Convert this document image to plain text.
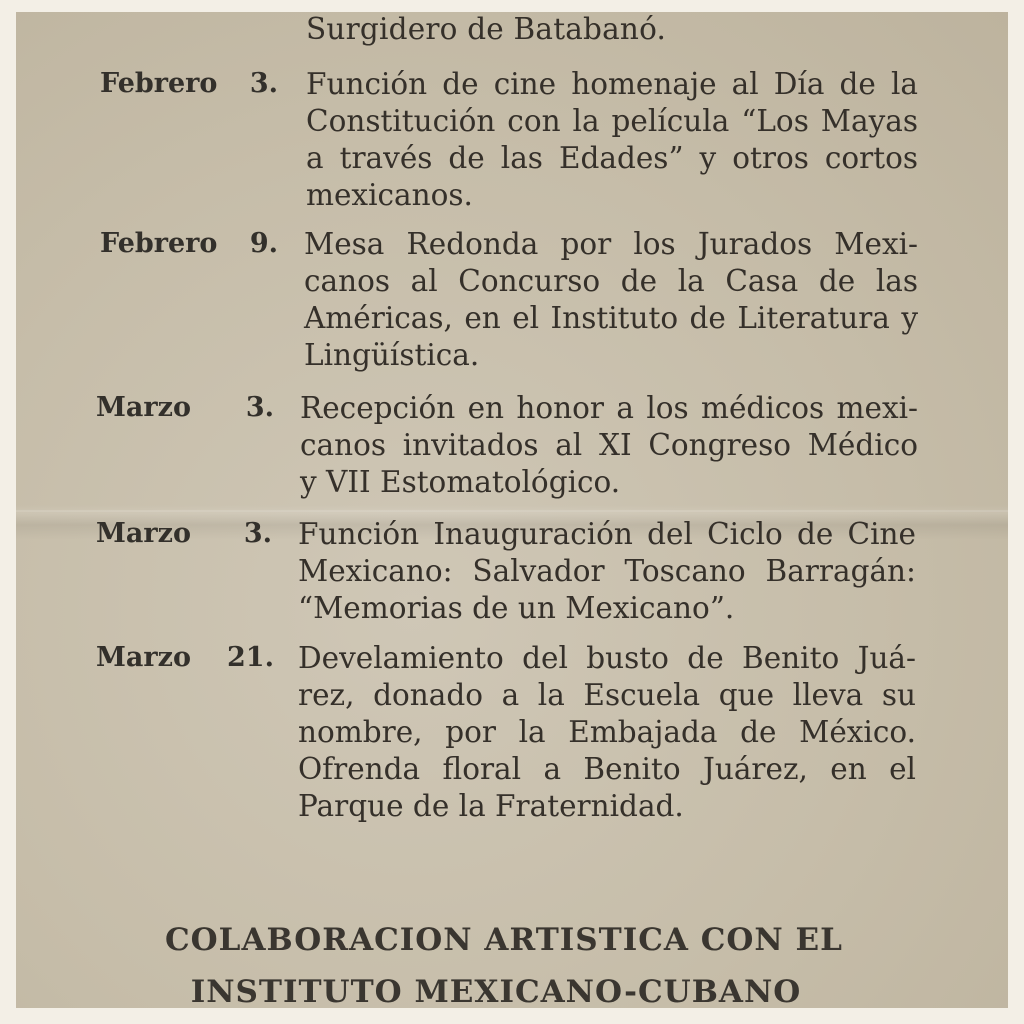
Surgidero de Batabanó.
Febrero	3. Función de cine homenaje al Día de la
Constitución con la película “Los Mayas
a través de las Edades” y otros cortos
mexicanos.
Febrero	9. Mesa Redonda por los Jurados Mexi-
canos al Concurso de la Casa de las
Américas, en el Instituto de Literatura y
Lingüística.
Marzo	3. Recepción en honor a los médicos mexi-
canos invitados al XI Congreso Médico
y VII Estomatológico.
Marzo	3. Función Inauguración del Ciclo de Cine
Mexicano: Salvador Toscano Barragán:
“Memorias de un Mexicano”.
Marzo 21. Develamiento del busto de Benito Juá-
rez, donado a la Escuela que lleva su
nombre, por la Embajada de México.
Ofrenda floral a Benito Juárez, en el
Parque de la Fraternidad.
COLABORACION ARTISTICA CON EL
INSTITUTO MEXICANO-CUBANO
